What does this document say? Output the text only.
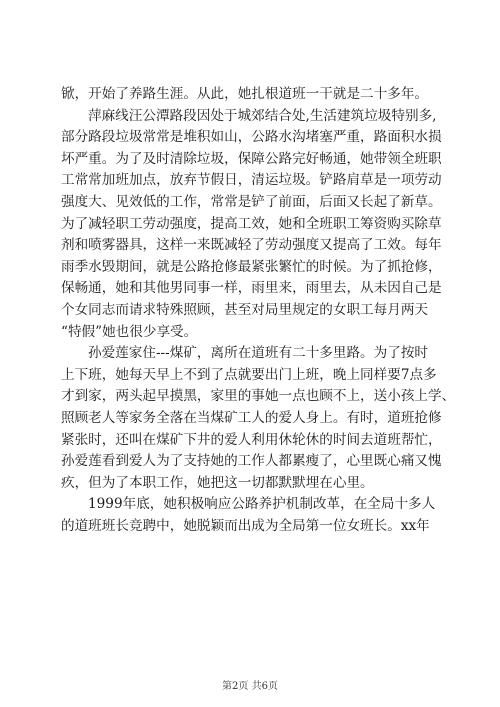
锨，开始了养路生涯。从此，她扎根道班一干就是二十多年。
萍麻线汪公潭路段因处于城郊结合处,生活建筑垃圾特别多,
部分路段垃圾常常是堆积如山，公路水沟堵塞严重，路面积水损
坏严重。为了及时清除垃圾，保障公路完好畅通，她带领全班职
工常常加班加点，放弃节假日，清运垃圾。铲路肩草是一项劳动
强度大、见效低的工作，常常是铲了前面，后面又长起了新草。
为了减轻职工劳动强度，提高工效，她和全班职工筹资购买除草
剂和喷雾器具，这样一来既减轻了劳动强度又提高了工效。每年
雨季水毁期间，就是公路抢修最紧张繁忙的时候。为了抓抢修，
保畅通，她和其他男同事一样，雨里来，雨里去，从未因自己是
个女同志而请求特殊照顾，甚至对局里规定的女职工每月两天
“特假”她也很少享受。
孙爱莲家住---煤矿，离所在道班有二十多里路。为了按时
上下班，她每天早上不到了点就要出门上班，晚上同样要7点多
才到家，两头起早摸黑，家里的事她一点也顾不上，送小孩上学、
照顾老人等家务全落在当煤矿工人的爱人身上。有时，道班抢修
紧张时，还叫在煤矿下井的爱人利用休轮休的时间去道班帮忙，
孙爱莲看到爱人为了支持她的工作人都累瘦了，心里既心痛又愧
疚，但为了本职工作，她把这一切都默默埋在心里。
1999年底，她积极响应公路养护机制改革，在全局十多人
的道班班长竞聘中，她脱颖而出成为全局第一位女班长。xx年
第2页 共6页
